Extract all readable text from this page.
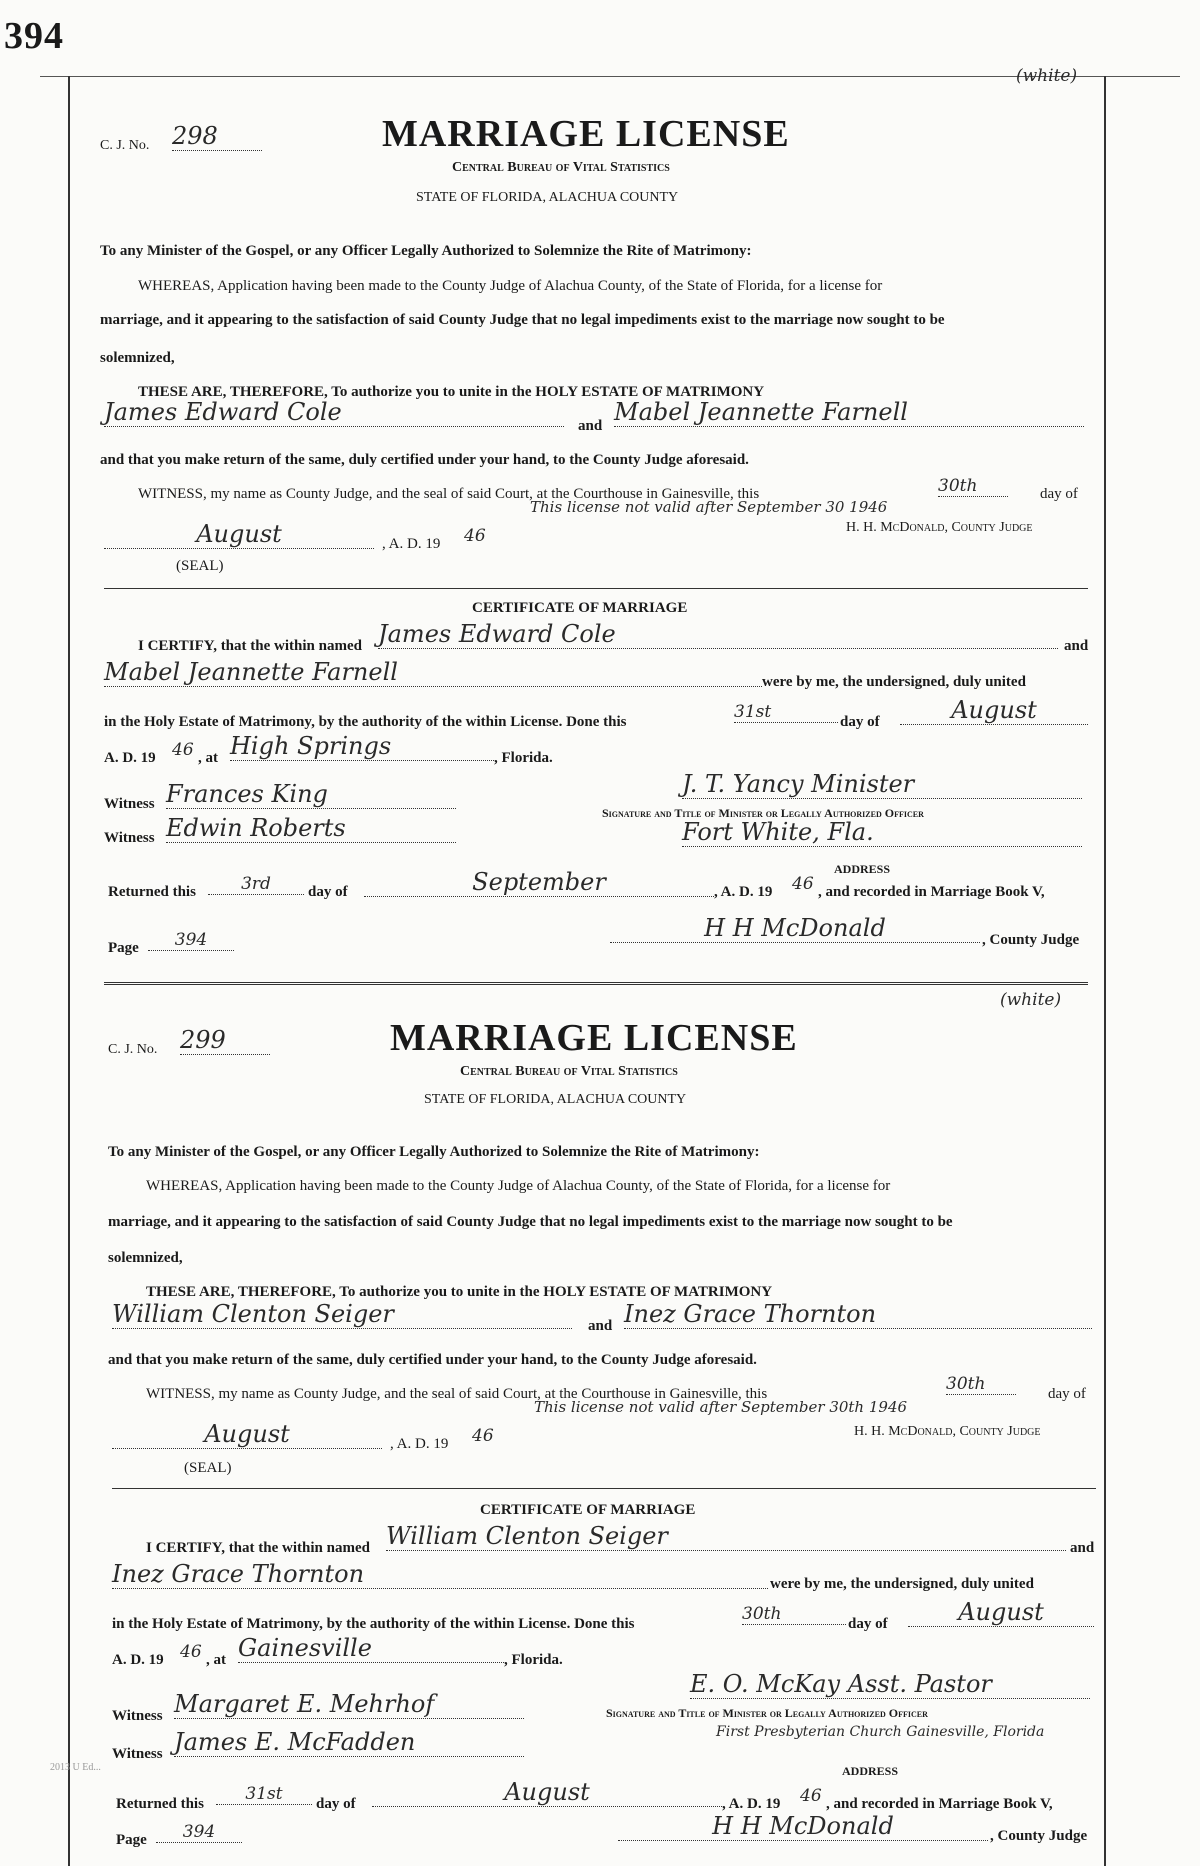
394
(white)
C. J. No. 298	MARRIAGE LICENSE
Central Bureau of Vital Statistics
STATE OF FLORIDA, ALACHUA COUNTY
To any Minister of the Gospel, or any Officer Legally Authorized to Solemnize the Rite of Matrimony:
WHEREAS, Application having been made to the County Judge of Alachua County, of the State of Florida, for a license for
marriage, and it appearing to the satisfaction of said County Judge that no legal impediments exist to the marriage now sought to be
solemnized,
THESE ARE, THEREFORE, To authorize you to unite in the HOLY ESTATE OF MATRIMONY
James Edward Cole	and Mabel Jeannette Farnell
and that you make return of the same, duly certified under your hand, to the County Judge aforesaid.
WITNESS, my name as County Judge, and the seal of said Court, at the Courthouse in Gainesville, this	30th	day of
This license not valid after September 30 1946
August	, A. D. 19 46	H. H. McDonald, County Judge
(SEAL)
CERTIFICATE OF MARRIAGE
I CERTIFY, that the within named James Edward Cole	and
Mabel Jeannette Farnell	were by me, the undersigned, duly united
in the Holy Estate of Matrimony, by the authority of the within License. Done this	31st	day of	August
A. D. 19 46 , at High Springs	, Florida.
J. T. Yancy Minister
Witness Frances King
Signature and Title of Minister or Legally Authorized Officer
Witness Edwin Roberts	Fort White, Fla.
ADDRESS
Returned this	3rd	day of	September	, A. D. 19 46 , and recorded in Marriage Book V,
Page	394	H H McDonald	, County Judge
(white)
C. J. No. 299	MARRIAGE LICENSE
Central Bureau of Vital Statistics
STATE OF FLORIDA, ALACHUA COUNTY
To any Minister of the Gospel, or any Officer Legally Authorized to Solemnize the Rite of Matrimony:
WHEREAS, Application having been made to the County Judge of Alachua County, of the State of Florida, for a license for
marriage, and it appearing to the satisfaction of said County Judge that no legal impediments exist to the marriage now sought to be
solemnized,
THESE ARE, THEREFORE, To authorize you to unite in the HOLY ESTATE OF MATRIMONY
William Clenton Seiger	and Inez Grace Thornton
and that you make return of the same, duly certified under your hand, to the County Judge aforesaid.
WITNESS, my name as County Judge, and the seal of said Court, at the Courthouse in Gainesville, this	30th	day of
This license not valid after September 30th 1946
August	, A. D. 19 46	H. H. McDonald, County Judge
(SEAL)
CERTIFICATE OF MARRIAGE
I CERTIFY, that the within named William Clenton Seiger	and
Inez Grace Thornton	were by me, the undersigned, duly united
in the Holy Estate of Matrimony, by the authority of the within License. Done this	30th	day of	August
A. D. 19 46 , at Gainesville	, Florida.
E. O. McKay Asst. Pastor
Witness Margaret E. Mehrhof	Signature and Title of Minister or Legally Authorized Officer
Witness James E. McFadden	First Presbyterian Church Gainesville, Florida
ADDRESS
Returned this	31st	day of	August	, A. D. 19 46 , and recorded in Marriage Book V,
Page	394	H H McDonald	, County Judge
2013 U Ed...
